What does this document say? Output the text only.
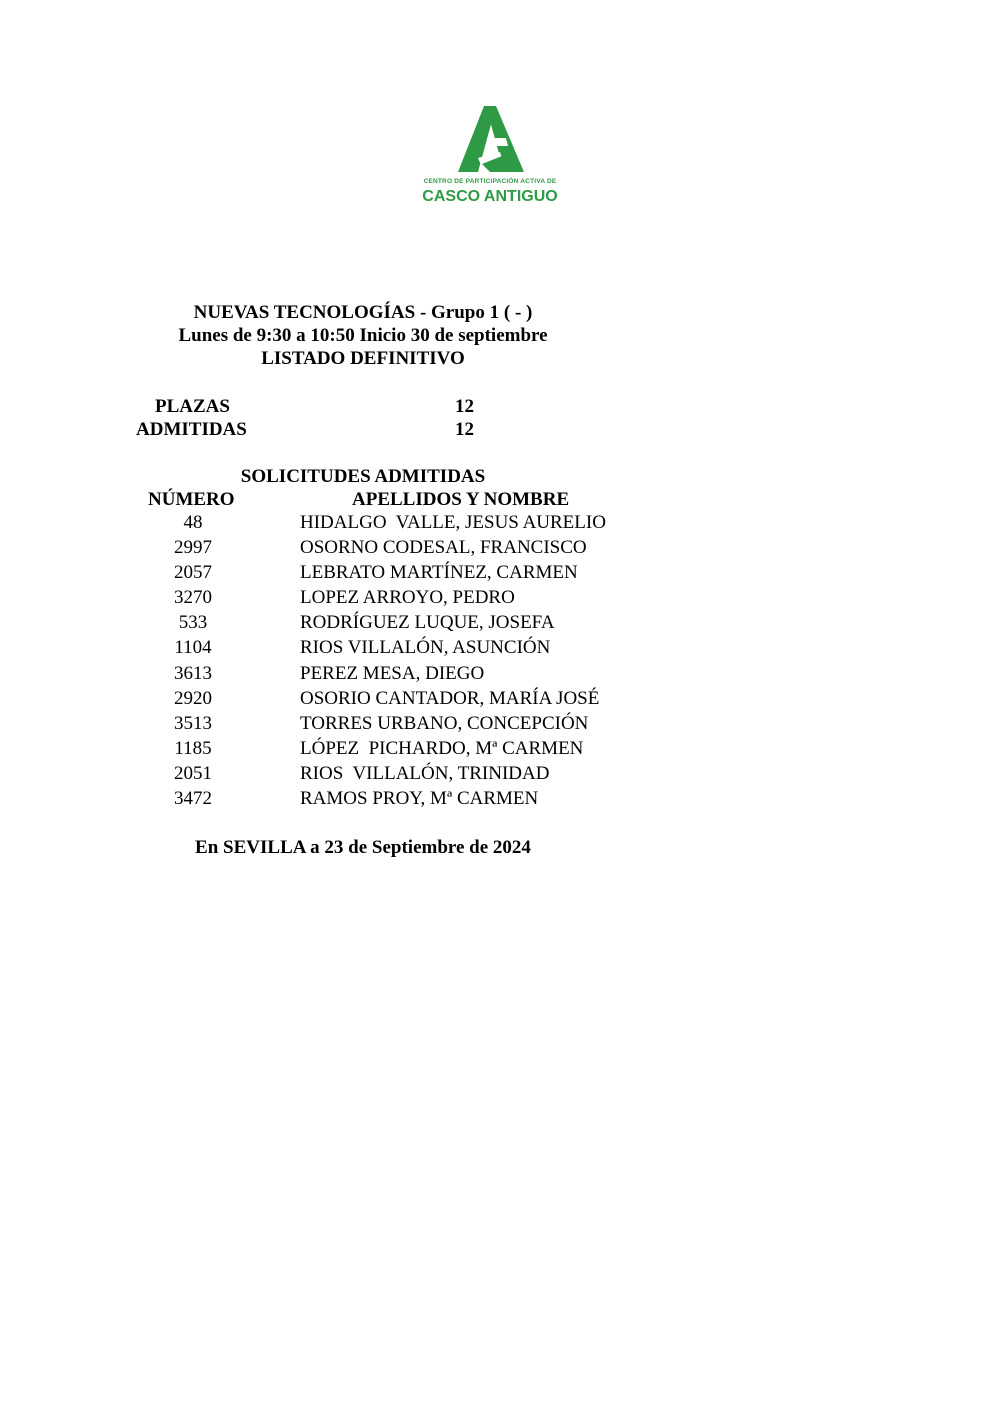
CENTRO DE PARTICIPACIÓN ACTIVA DE
CASCO ANTIGUO
NUEVAS TECNOLOGÍAS - Grupo 1 ( - )
Lunes de 9:30 a 10:50 Inicio 30 de septiembre
LISTADO DEFINITIVO
PLAZAS	12
ADMITIDAS	12
SOLICITUDES ADMITIDAS
NÚMERO	APELLIDOS Y NOMBRE
48	HIDALGO  VALLE, JESUS AURELIO
2997	OSORNO CODESAL, FRANCISCO
2057	LEBRATO MARTÍNEZ, CARMEN
3270	LOPEZ ARROYO, PEDRO
533	RODRÍGUEZ LUQUE, JOSEFA
1104	RIOS VILLALÓN, ASUNCIÓN
3613	PEREZ MESA, DIEGO
2920	OSORIO CANTADOR, MARÍA JOSÉ
3513	TORRES URBANO, CONCEPCIÓN
1185	LÓPEZ  PICHARDO, Mª CARMEN
2051	RIOS  VILLALÓN, TRINIDAD
3472	RAMOS PROY, Mª CARMEN
En SEVILLA a 23 de Septiembre de 2024
